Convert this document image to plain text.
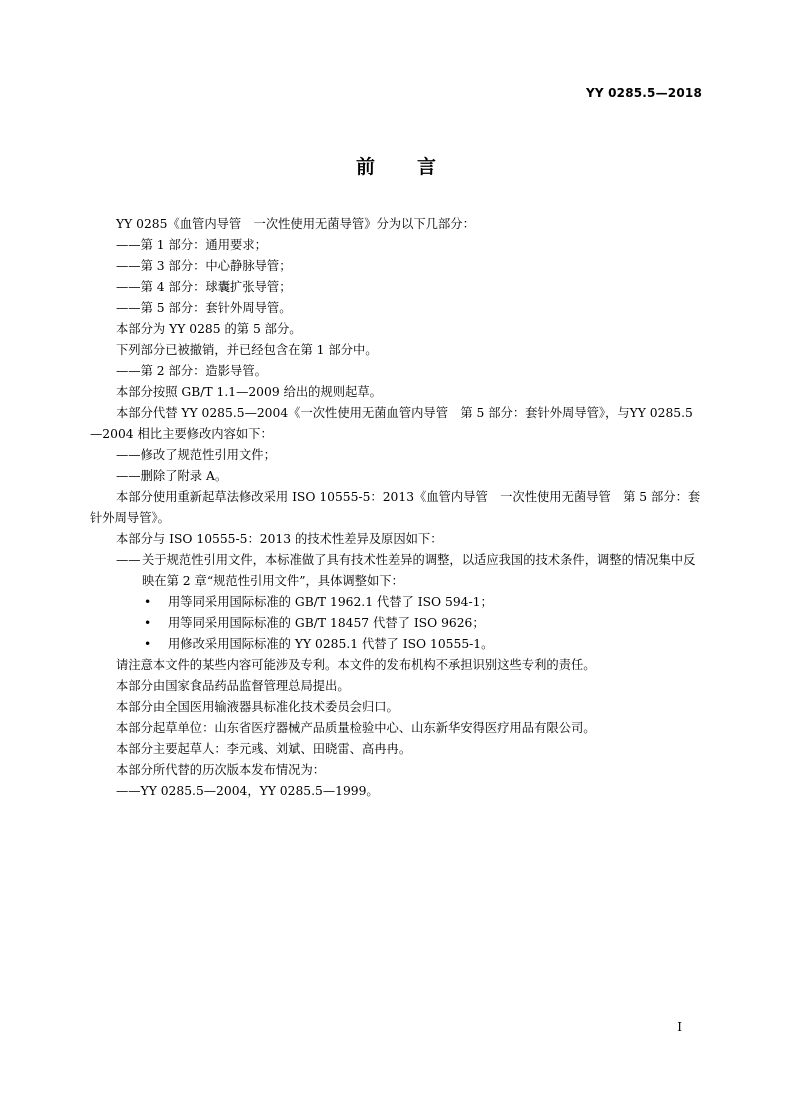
YY 0285.5—2018
前言

YY 0285《血管内导管　一次性使用无菌导管》分为以下几部分：

——第 1 部分：通用要求；

——第 3 部分：中心静脉导管；

——第 4 部分：球囊扩张导管；

——第 5 部分：套针外周导管。

本部分为 YY 0285 的第 5 部分。

下列部分已被撤销，并已经包含在第 1 部分中。

——第 2 部分：造影导管。

本部分按照 GB/T 1.1—2009 给出的规则起草。

本部分代替 YY 0285.5—2004《一次性使用无菌血管内导管　第 5 部分：套针外周导管》，与YY 0285.5—2004 相比主要修改内容如下：

——修改了规范性引用文件；

——删除了附录 A。

本部分使用重新起草法修改采用 ISO 10555-5：2013《血管内导管　一次性使用无菌导管　第 5 部分：套针外周导管》。

本部分与 ISO 10555-5：2013 的技术性差异及原因如下：

—— 关于规范性引用文件，本标准做了具有技术性差异的调整，以适应我国的技术条件，调整的情况集中反映在第 2 章“规范性引用文件”，具体调整如下：

• 用等同采用国际标准的 GB/T 1962.1 代替了 ISO 594-1；

• 用等同采用国际标准的 GB/T 18457 代替了 ISO 9626；

• 用修改采用国际标准的 YY 0285.1 代替了 ISO 10555-1。

请注意本文件的某些内容可能涉及专利。本文件的发布机构不承担识别这些专利的责任。

本部分由国家食品药品监督管理总局提出。

本部分由全国医用输液器具标准化技术委员会归口。

本部分起草单位：山东省医疗器械产品质量检验中心、山东新华安得医疗用品有限公司。

本部分主要起草人：李元彧、刘斌、田晓雷、高冉冉。

本部分所代替的历次版本发布情况为：

——YY 0285.5—2004，YY 0285.5—1999。

I
